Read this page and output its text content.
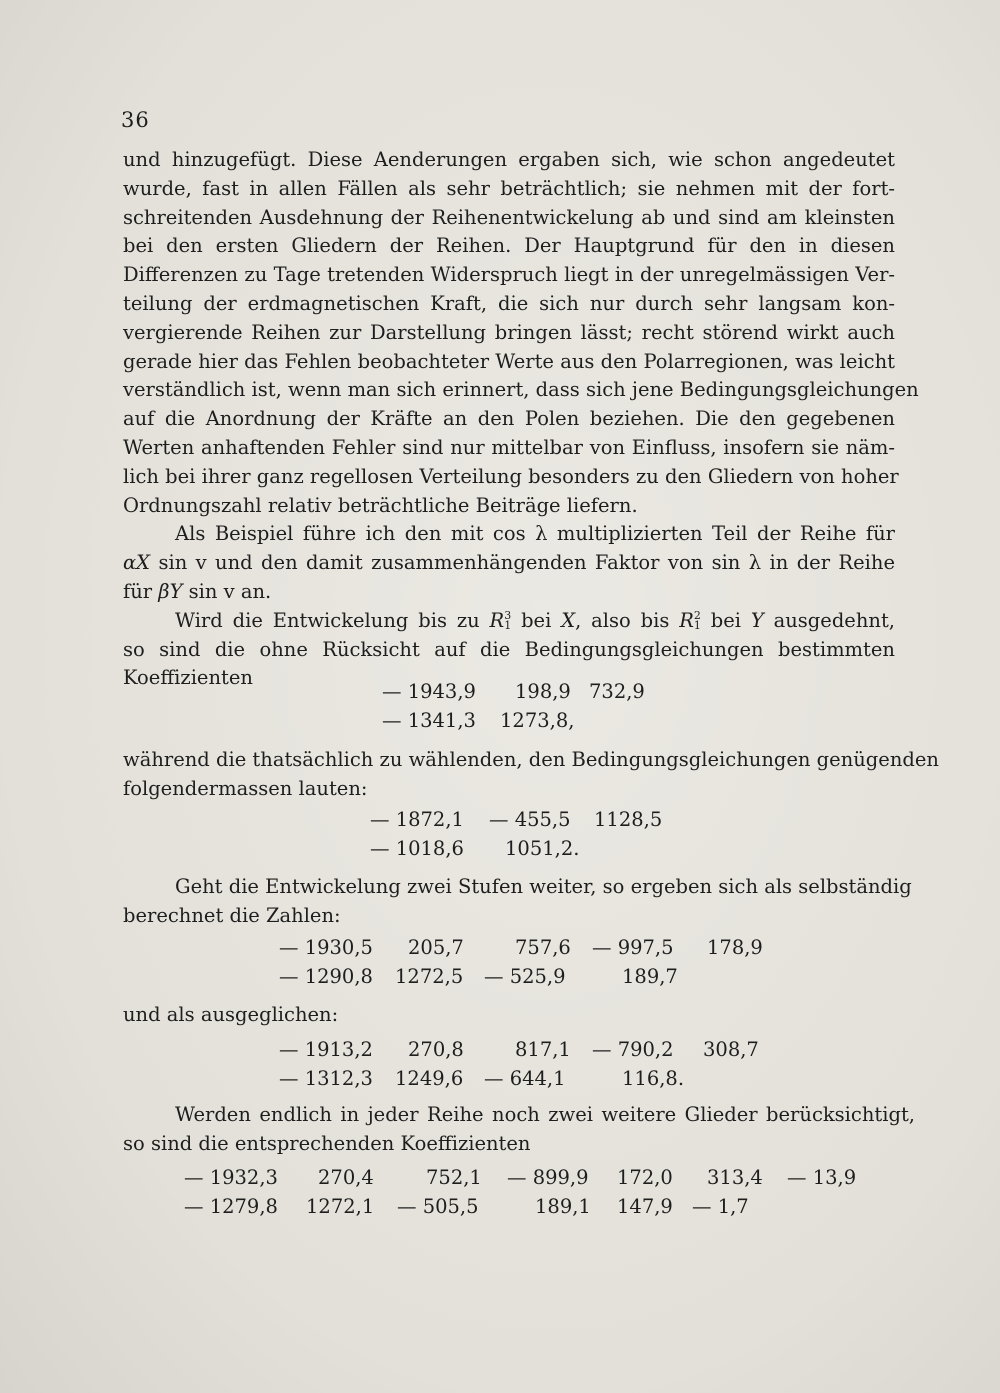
36

und hinzugefügt. Diese Aenderungen ergaben sich, wie schon angedeutet
wurde, fast in allen Fällen als sehr beträchtlich; sie nehmen mit der fort-
schreitenden Ausdehnung der Reihenentwickelung ab und sind am kleinsten
bei den ersten Gliedern der Reihen. Der Hauptgrund für den in diesen
Differenzen zu Tage tretenden Widerspruch liegt in der unregelmässigen Ver-
teilung der erdmagnetischen Kraft, die sich nur durch sehr langsam kon-
vergierende Reihen zur Darstellung bringen lässt; recht störend wirkt auch
gerade hier das Fehlen beobachteter Werte aus den Polarregionen, was leicht
verständlich ist, wenn man sich erinnert, dass sich jene Bedingungsgleichungen
auf die Anordnung der Kräfte an den Polen beziehen. Die den gegebenen
Werten anhaftenden Fehler sind nur mittelbar von Einfluss, insofern sie näm-
lich bei ihrer ganz regellosen Verteilung besonders zu den Gliedern von hoher
Ordnungszahl relativ beträchtliche Beiträge liefern.

Als Beispiel führe ich den mit cos λ multiplizierten Teil der Reihe für
αX sin v und den damit zusammenhängenden Faktor von sin λ in der Reihe
für βY sin v an.

Wird die Entwickelung bis zu R 3
1 bei X, also bis R 2
1 bei Y ausgedehnt,
so sind die ohne Rücksicht auf die Bedingungsgleichungen bestimmten
Koeffizienten

— 1943,9 198,9 732,9
— 1341,3 1273,8,
während die thatsächlich zu wählenden, den Bedingungsgleichungen genügenden
folgendermassen lauten:
— 1872,1 — 455,5 1128,5
— 1018,6 1051,2.
Geht die Entwickelung zwei Stufen weiter, so ergeben sich als selbständig
berechnet die Zahlen:
— 1930,5 205,7	757,6 — 997,5 178,9
— 1290,8 1272,5 — 525,9	189,7
und als ausgeglichen:
— 1913,2 270,8	817,1 — 790,2 308,7
— 1312,3 1249,6 — 644,1	116,8.
Werden endlich in jeder Reihe noch zwei weitere Glieder berücksichtigt,
so sind die entsprechenden Koeffizienten
— 1932,3 270,4	752,1 — 899,9 172,0 313,4 — 13,9
— 1279,8 1272,1 — 505,5	189,1 147,9 — 1,7
